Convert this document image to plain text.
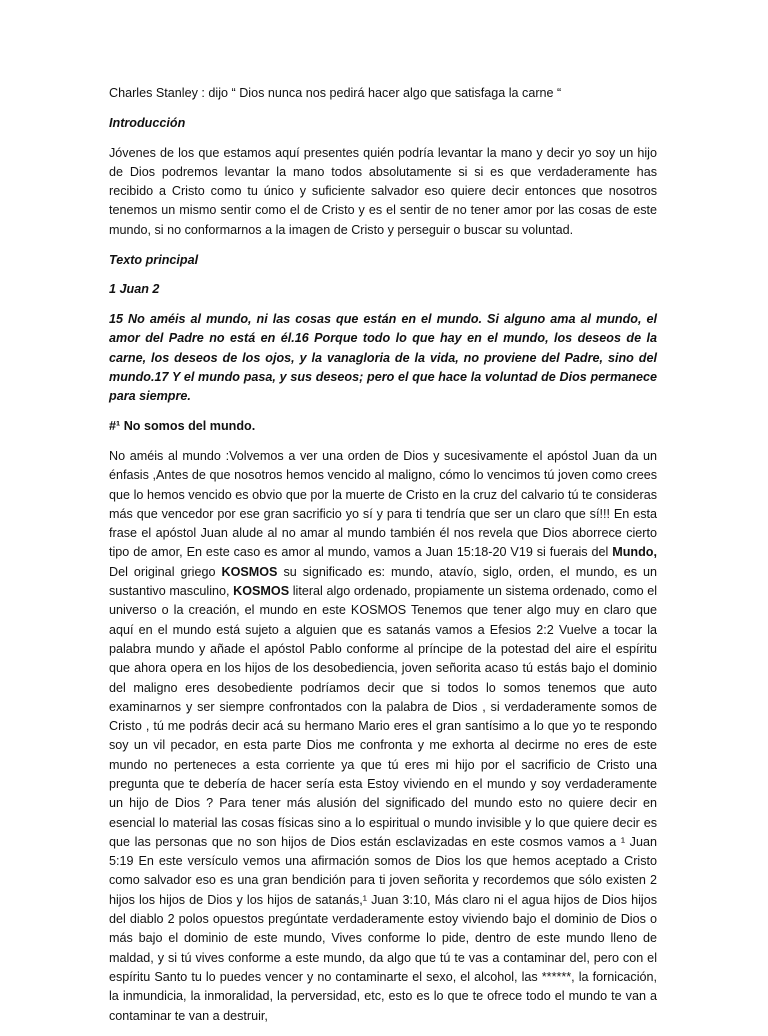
Charles Stanley : dijo “ Dios nunca nos pedirá hacer algo que satisfaga la carne “

Introducción

Jóvenes de los que estamos aquí presentes quién podría levantar la mano y decir yo soy un hijo de Dios podremos levantar la mano todos absolutamente si si es que verdaderamente has recibido a Cristo como tu único y suficiente salvador eso quiere decir entonces que nosotros tenemos un mismo sentir como el de Cristo y es el sentir de no tener amor por las cosas de este mundo, si no conformarnos a la imagen de Cristo y perseguir o buscar su voluntad.

Texto principal

1 Juan 2

15 No améis al mundo, ni las cosas que están en el mundo. Si alguno ama al mundo, el amor del Padre no está en él.16 Porque todo lo que hay en el mundo, los deseos de la carne, los deseos de los ojos, y la vanagloria de la vida, no proviene del Padre, sino del mundo.17 Y el mundo pasa, y sus deseos; pero el que hace la voluntad de Dios permanece para siempre.

#¹ No somos del mundo.

No améis al mundo :Volvemos a ver una orden de Dios y sucesivamente el apóstol Juan da un énfasis ,Antes de que nosotros hemos vencido al maligno, cómo lo vencimos tú joven como crees que lo hemos vencido es obvio que por la muerte de Cristo en la cruz del calvario tú te consideras más que vencedor por ese gran sacrificio yo sí y para ti tendría que ser un claro que sí!!! En esta frase el apóstol Juan alude al no amar al mundo también él nos revela que Dios aborrece cierto tipo de amor, En este caso es amor al mundo, vamos a Juan 15:18-20 V19 si fuerais del Mundo, Del original griego KOSMOS su significado es: mundo, atavío, siglo, orden, el mundo, es un sustantivo masculino, KOSMOS literal algo ordenado, propiamente un sistema ordenado, como el universo o la creación, el mundo en este KOSMOS Tenemos que tener algo muy en claro que aquí en el mundo está sujeto a alguien que es satanás vamos a Efesios 2:2 Vuelve a tocar la palabra mundo y añade el apóstol Pablo conforme al príncipe de la potestad del aire el espíritu que ahora opera en los hijos de los desobediencia, joven señorita acaso tú estás bajo el dominio del maligno eres desobediente podríamos decir que si todos lo somos tenemos que auto examinarnos y ser siempre confrontados con la palabra de Dios , si verdaderamente somos de Cristo , tú me podrás decir acá su hermano Mario eres el gran santísimo a lo que yo te respondo soy un vil pecador, en esta parte Dios me confronta y me exhorta al decirme no eres de este mundo no perteneces a esta corriente ya que tú eres mi hijo por el sacrificio de Cristo una pregunta que te debería de hacer sería esta Estoy viviendo en el mundo y soy verdaderamente un hijo de Dios ? Para tener más alusión del significado del mundo esto no quiere decir en esencial lo material las cosas físicas sino a lo espiritual o mundo invisible y lo que quiere decir es que las personas que no son hijos de Dios están esclavizadas en este cosmos vamos a ¹ Juan 5:19 En este versículo vemos una afirmación somos de Dios los que hemos aceptado a Cristo como salvador eso es una gran bendición para ti joven señorita y recordemos que sólo existen 2 hijos los hijos de Dios y los hijos de satanás,¹ Juan 3:10, Más claro ni el agua hijos de Dios hijos del diablo 2 polos opuestos pregúntate verdaderamente estoy viviendo bajo el dominio de Dios o más bajo el dominio de este mundo, Vives conforme lo pide, dentro de este mundo lleno de maldad, y si tú vives conforme a este mundo, da algo que tú te vas a contaminar del, pero con el espíritu Santo tu lo puedes vencer y no contaminarte el sexo, el alcohol, las ******, la fornicación, la inmundicia, la inmoralidad, la perversidad, etc, esto es lo que te ofrece todo el mundo te van a contaminar te van a destruir,
